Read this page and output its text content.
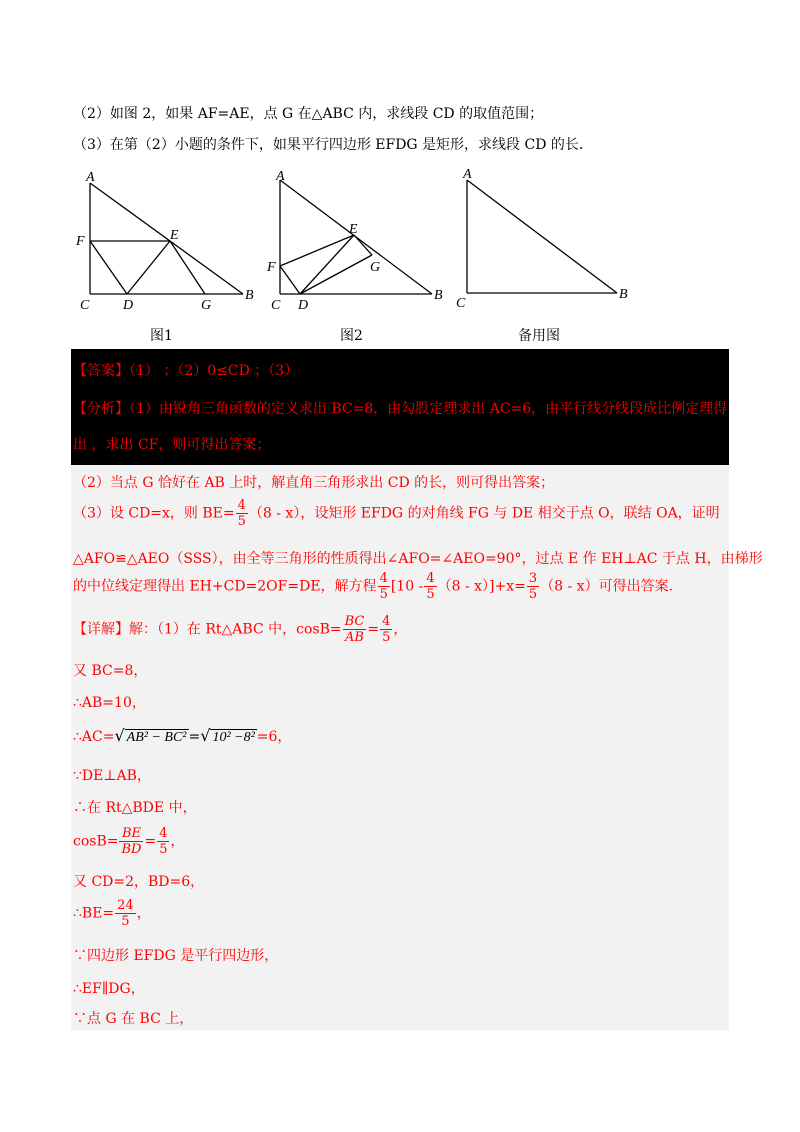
（2）如图 2，如果 AF=AE，点 G 在△ABC 内，求线段 CD 的取值范围；
（3）在第（2）小题的条件下，如果平行四边形 EFDG 是矩形，求线段 CD 的长．
A
F	E
C D	G
B
图1
A
E
F	G
C D
B
图2
A
C
B
备用图
【答案】（1） ；（2）0≤CD ；（3）
【分析】（1）由锐角三角函数的定义求出 BC=8，由勾股定理求出 AC=6，由平行线分线段成比例定理得
出 ，求出 CF，则可得出答案；
（2）当点 G 恰好在 AB 上时，解直角三角形求出 CD 的长，则可得出答案；
（3）设 CD=x，则 $BE= \frac{4}{5} (8 - x)$，设矩形 EFDG 的对角线 FG 与 DE 相交于点 O，联结 OA，证明
△AFO≌△AEO（SSS），由全等三角形的性质得出∠AFO=∠AEO=90°，过点 E 作 EH⊥AC 于点 H，由梯形
的中位线定理得出 EH+CD=2OF=DE，解方程 $\frac{4}{5} [10 - \frac{4}{5} (8 - x)]+x= \frac{3}{5} (8 - x)$可得出答案．
【详解】解：（1）在 Rt△ABC 中，$\cos B= \frac{BC}{AB} = \frac{4}{5}$ ，
又 BC=8，
∴AB=10，
∴AC=√ AB² − BC² =√ 10² −8² =6，
∵DE⊥AB，
∴在 Rt△BDE 中，
$\cos B= \frac{BE}{BD} = \frac{4}{5}$ ，
又 CD=2，BD=6，
∴BE= $\frac{24}{5}$ ，
∵四边形 EFDG 是平行四边形，
∴EF∥DG，
∵点 G 在 BC 上，
